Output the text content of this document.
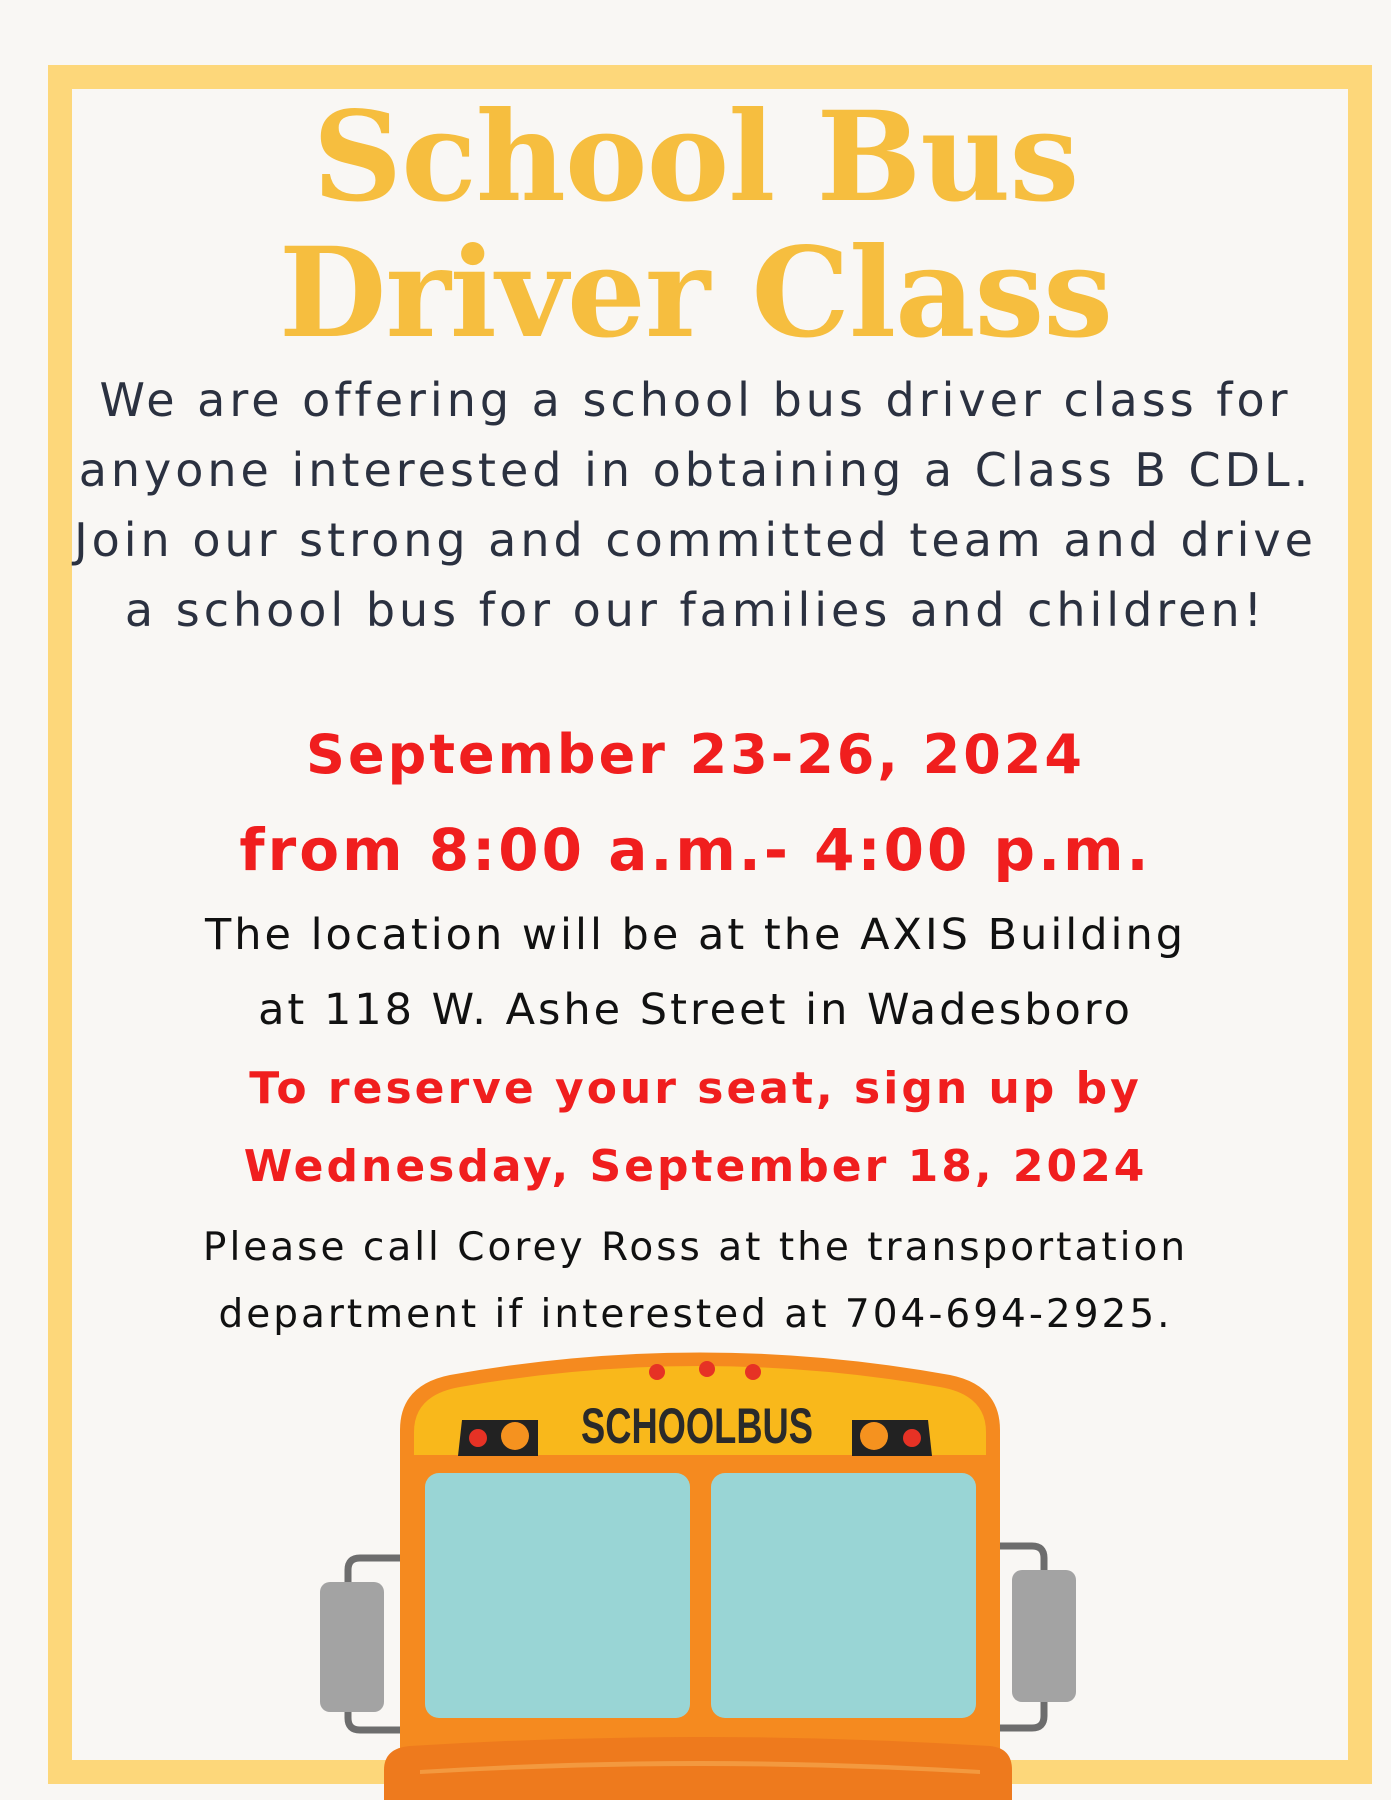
School Bus
Driver Class

We are offering a school bus driver class for anyone interested in obtaining a Class B CDL. Join our strong and committed team and drive a school bus for our families and children!

September 23-26, 2024

from 8:00 a.m.- 4:00 p.m.

The location will be at the AXIS Building

at 118 W. Ashe Street in Wadesboro

To reserve your seat, sign up by

Wednesday, September 18, 2024

Please call Corey Ross at the transportation

department if interested at 704-694-2925.

SCHOOLBUS
